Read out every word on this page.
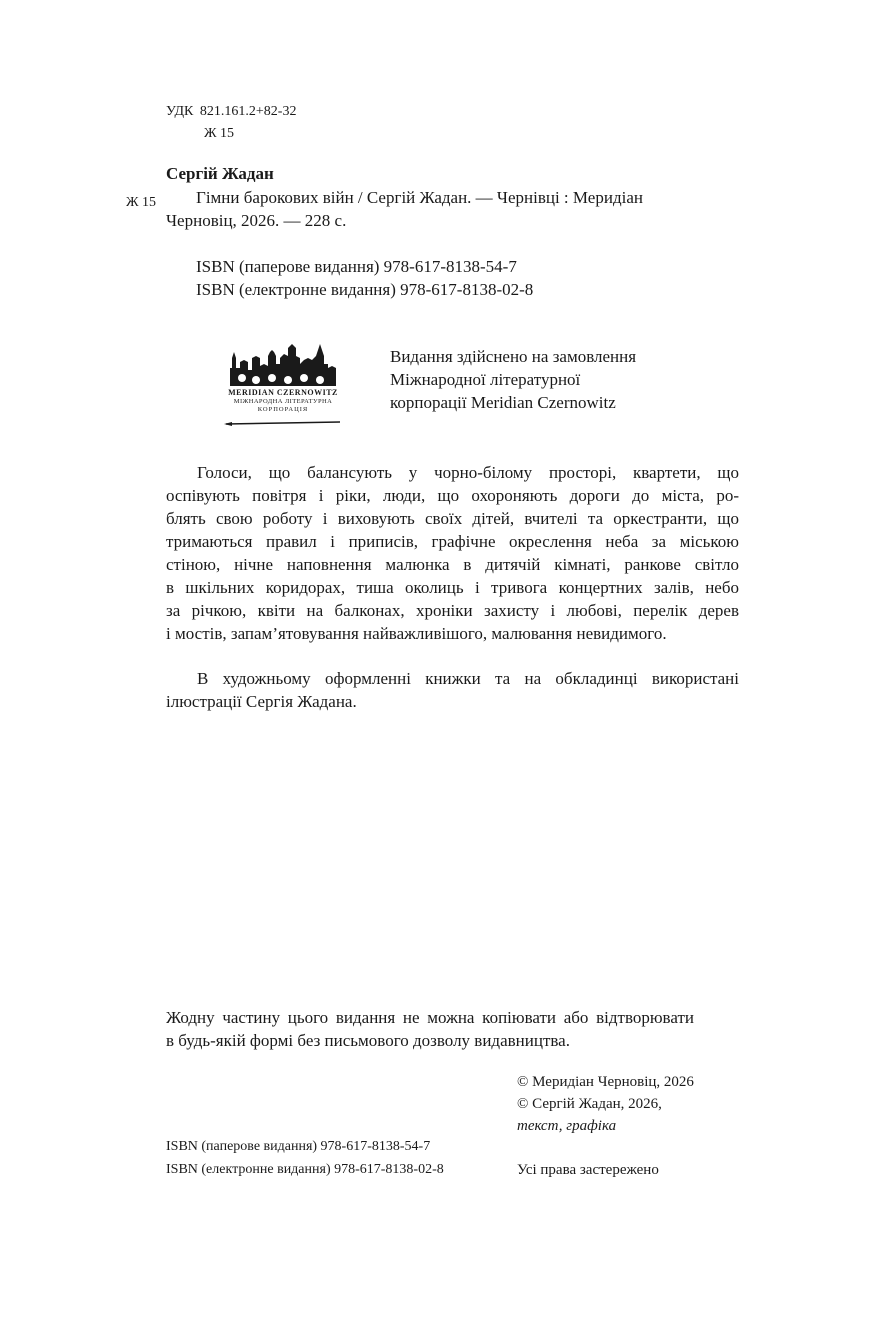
УДК 821.161.2+82-32
Ж 15
Сергій Жадан
Ж 15 Гімни барокових війн / Сергій Жадан. — Чернівці : Меридіан
Черновіц, 2026. — 228 с.
ISBN (паперове видання) 978-617-8138-54-7
ISBN (електронне видання) 978-617-8138-02-8
MERIDIAN CZERNOWITZ
МІЖНАРОДНА ЛІТЕРАТУРНА
КОРПОРАЦІЯ
Видання здійснено на замовлення
Міжнародної літературної
корпорації Meridian Czernowitz
Голоси, що балансують у чорно-білому просторі, квартети, що
оспівують повітря і ріки, люди, що охороняють дороги до міста, ро-
блять свою роботу і виховують своїх дітей, вчителі та оркестранти, що
тримаються правил і приписів, графічне окреслення неба за міською
стіною, нічне наповнення малюнка в дитячій кімнаті, ранкове світло
в шкільних коридорах, тиша околиць і тривога концертних залів, небо
за річкою, квіти на балконах, хроніки захисту і любові, перелік дерев
і мостів, запам’ятовування найважливішого, малювання невидимого.
В художньому оформленні книжки та на обкладинці використані
ілюстрації Сергія Жадана.
Жодну частину цього видання не можна копіювати або відтворювати
в будь-якій формі без письмового дозволу видавництва.
© Меридіан Черновіц, 2026
© Сергій Жадан, 2026,
текст, графіка
Усі права застережено
ISBN (паперове видання) 978-617-8138-54-7
ISBN (електронне видання) 978-617-8138-02-8
